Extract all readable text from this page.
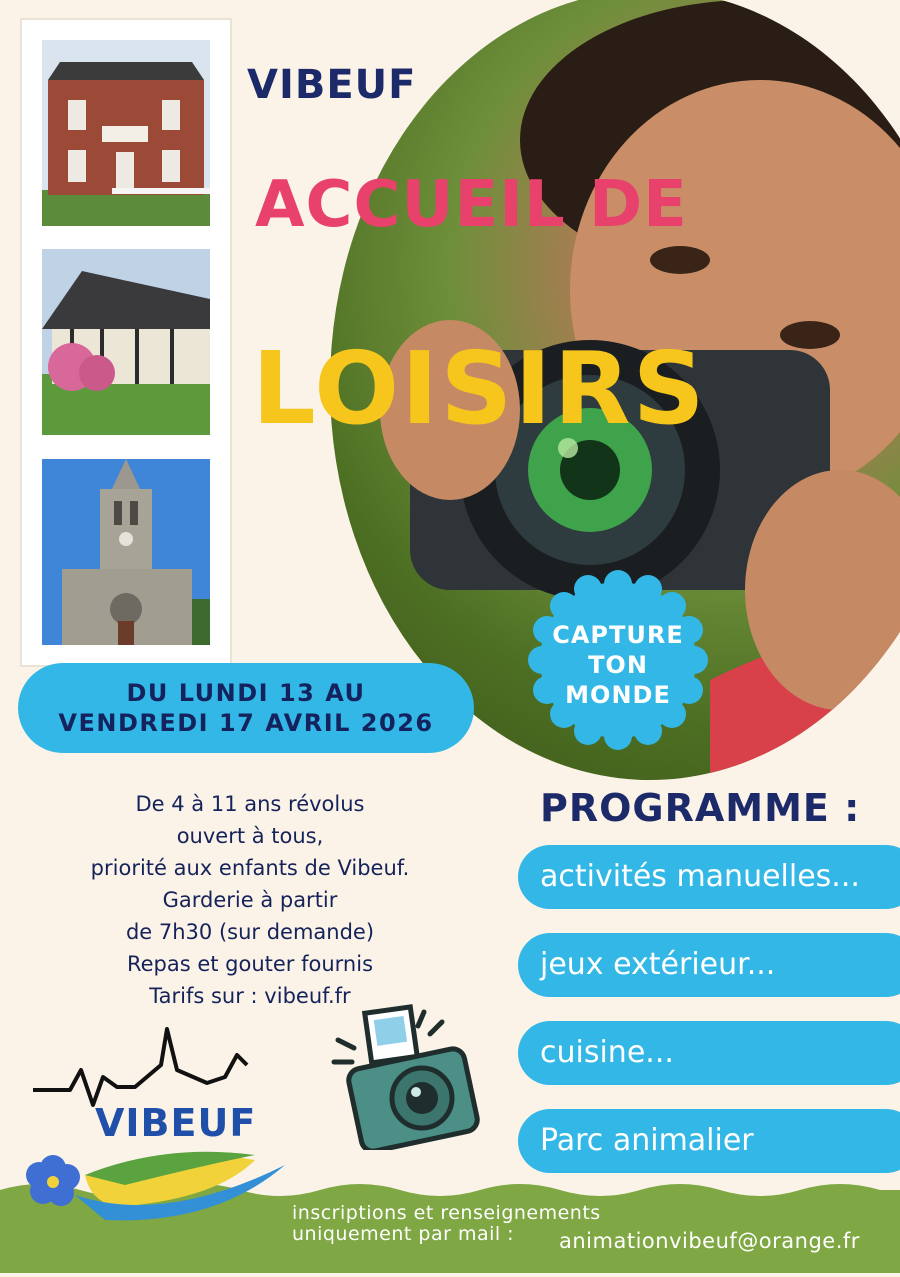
VIBEUF
ACCUEIL DE
LOISIRS
CAPTURE
TON
MONDE
DU LUNDI 13 AU
VENDREDI 17 AVRIL 2026
De 4 à 11 ans révolus
ouvert à tous,
priorité aux enfants de Vibeuf.
Garderie à partir
de 7h30 (sur demande)
Repas et gouter fournis
Tarifs sur : vibeuf.fr
PROGRAMME :
activités manuelles...
jeux extérieur...
cuisine...
Parc animalier
VIBEUF
inscriptions et renseignements
uniquement par mail :	animationvibeuf@orange.fr
